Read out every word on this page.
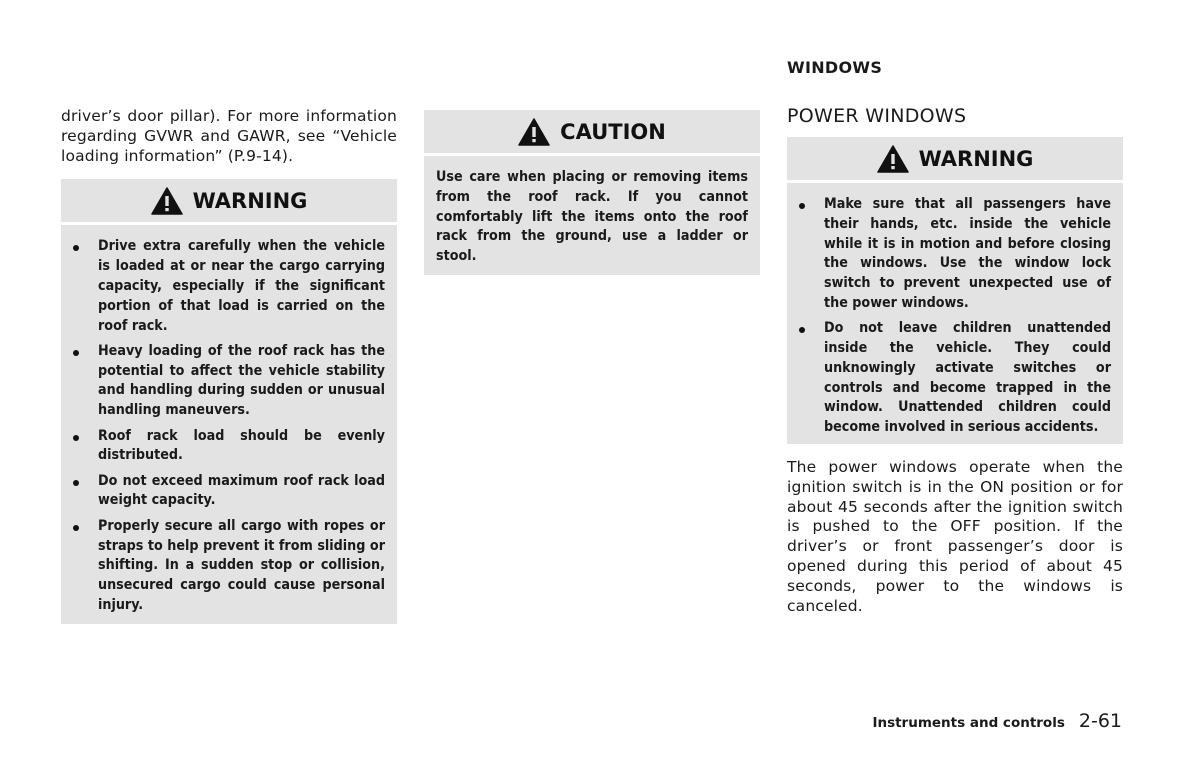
driver’s door pillar). For more information regarding GVWR and GAWR, see “Vehicle loading information” (P.9-14).

WARNING
Drive extra carefully when the vehicle is loaded at or near the cargo carrying capacity, especially if the significant portion of that load is carried on the roof rack.
Heavy loading of the roof rack has the potential to affect the vehicle stability and handling during sudden or unusual handling maneuvers.
Roof rack load should be evenly distributed.
Do not exceed maximum roof rack load weight capacity.
Properly secure all cargo with ropes or straps to help prevent it from sliding or shifting. In a sudden stop or collision, unsecured cargo could cause personal injury.
CAUTION

Use care when placing or removing items from the roof rack. If you cannot comfortably lift the items onto the roof rack from the ground, use a ladder or stool.

WINDOWS
POWER WINDOWS
WARNING
Make sure that all passengers have their hands, etc. inside the vehicle while it is in motion and before closing the windows. Use the window lock switch to prevent unexpected use of the power windows.
Do not leave children unattended inside the vehicle. They could unknowingly activate switches or controls and become trapped in the window. Unattended children could become involved in serious accidents.

The power windows operate when the ignition switch is in the ON position or for about 45 seconds after the ignition switch is pushed to the OFF position. If the driver’s or front passenger’s door is opened during this period of about 45 seconds, power to the windows is canceled.

Instruments and controls 2-61
